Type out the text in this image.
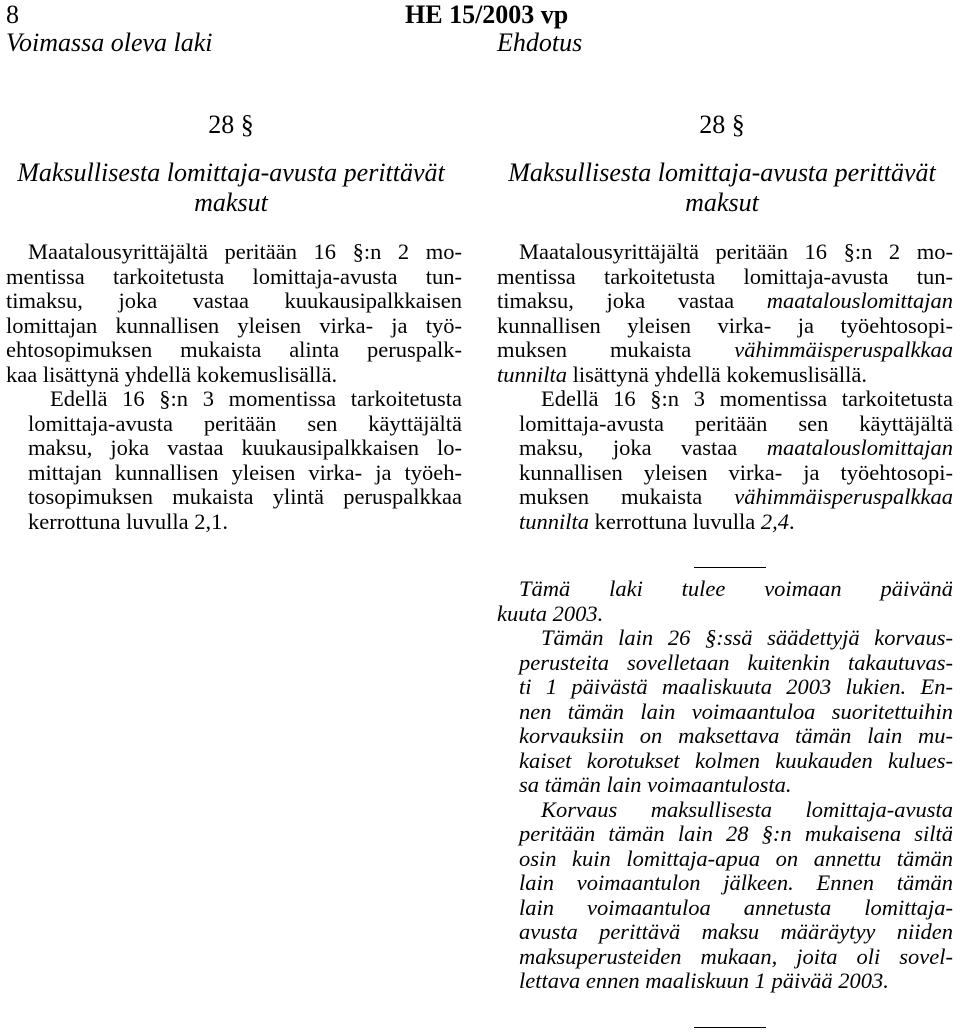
8	HE 15/2003 vp
Voimassa oleva laki	Ehdotus
28 §
Maksullisesta lomittaja-avusta perittävät
maksut
Maatalousyrittäjältä peritään 16 §:n 2 mo-
mentissa tarkoitetusta lomittaja-avusta tun-
timaksu, joka vastaa kuukausipalkkaisen
lomittajan kunnallisen yleisen virka- ja työ-
ehtosopimuksen mukaista alinta peruspalk-
kaa lisättynä yhdellä kokemuslisällä.
Edellä 16 §:n 3 momentissa tarkoitetusta
lomittaja-avusta peritään sen käyttäjältä
maksu, joka vastaa kuukausipalkkaisen lo-
mittajan kunnallisen yleisen virka- ja työeh-
tosopimuksen mukaista ylintä peruspalkkaa
kerrottuna luvulla 2,1.
28 §
Maksullisesta lomittaja-avusta perittävät
maksut
Maatalousyrittäjältä peritään 16 §:n 2 mo-
mentissa tarkoitetusta lomittaja-avusta tun-
timaksu, joka vastaa maatalouslomittajan
kunnallisen yleisen virka- ja työehtosopi-
muksen mukaista vähimmäisperuspalkkaa
tunnilta lisättynä yhdellä kokemuslisällä.
Edellä 16 §:n 3 momentissa tarkoitetusta
lomittaja-avusta peritään sen käyttäjältä
maksu, joka vastaa maatalouslomittajan
kunnallisen yleisen virka- ja työehtosopi-
muksen mukaista vähimmäisperuspalkkaa
tunnilta kerrottuna luvulla 2,4.
Tämä laki tulee voimaan päivänä
kuuta 2003.
Tämän lain 26 §:ssä säädettyjä korvaus-
perusteita sovelletaan kuitenkin takautuvas-
ti 1 päivästä maaliskuuta 2003 lukien. En-
nen tämän lain voimaantuloa suoritettuihin
korvauksiin on maksettava tämän lain mu-
kaiset korotukset kolmen kuukauden kulues-
sa tämän lain voimaantulosta.
Korvaus maksullisesta lomittaja-avusta
peritään tämän lain 28 §:n mukaisena siltä
osin kuin lomittaja-apua on annettu tämän
lain voimaantulon jälkeen. Ennen tämän
lain voimaantuloa annetusta lomittaja-
avusta perittävä maksu määräytyy niiden
maksuperusteiden mukaan, joita oli sovel-
lettava ennen maaliskuun 1 päivää 2003.
